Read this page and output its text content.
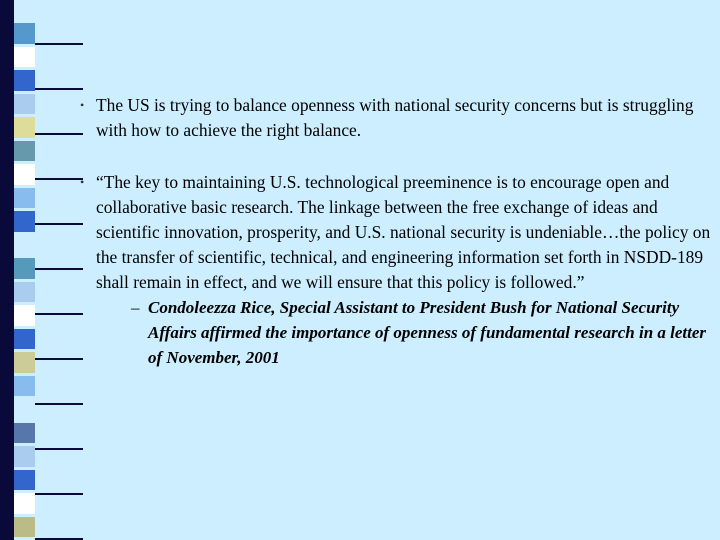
• The US is trying to balance openness with national security concerns but is struggling with how to achieve the right balance.
• “The key to maintaining U.S. technological preeminence is to encourage open and collaborative basic research. The linkage between the free exchange of ideas and scientific innovation, prosperity, and U.S. national security is undeniable…the policy on the transfer of scientific, technical, and engineering information set forth in NSDD-189 shall remain in effect, and we will ensure that this policy is followed.”
– Condoleezza Rice, Special Assistant to President Bush for National Security Affairs affirmed the importance of openness of fundamental research in a letter of November, 2001
